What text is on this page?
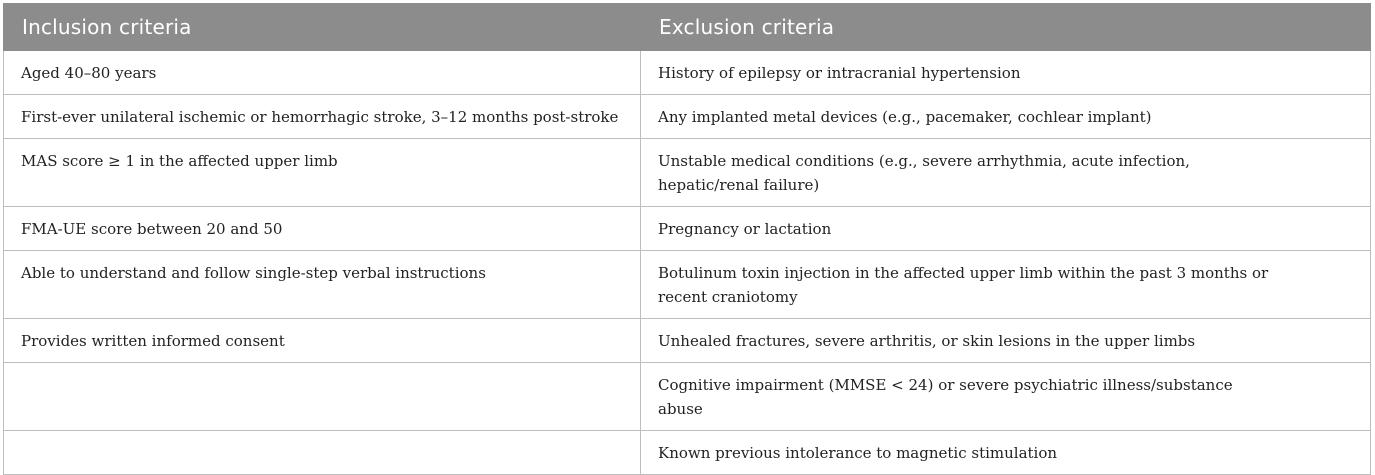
Inclusion criteria	Exclusion criteria
Aged 40–80 years	History of epilepsy or intracranial hypertension
First-ever unilateral ischemic or hemorrhagic stroke, 3–12 months post-stroke	Any implanted metal devices (e.g., pacemaker, cochlear implant)
MAS score ≥ 1 in the affected upper limb	Unstable medical conditions (e.g., severe arrhythmia, acute infection, hepatic/renal failure)
FMA-UE score between 20 and 50	Pregnancy or lactation
Able to understand and follow single-step verbal instructions	Botulinum toxin injection in the affected upper limb within the past 3 months or recent craniotomy
Provides written informed consent	Unhealed fractures, severe arthritis, or skin lesions in the upper limbs
	Cognitive impairment (MMSE < 24) or severe psychiatric illness/substance abuse
	Known previous intolerance to magnetic stimulation
